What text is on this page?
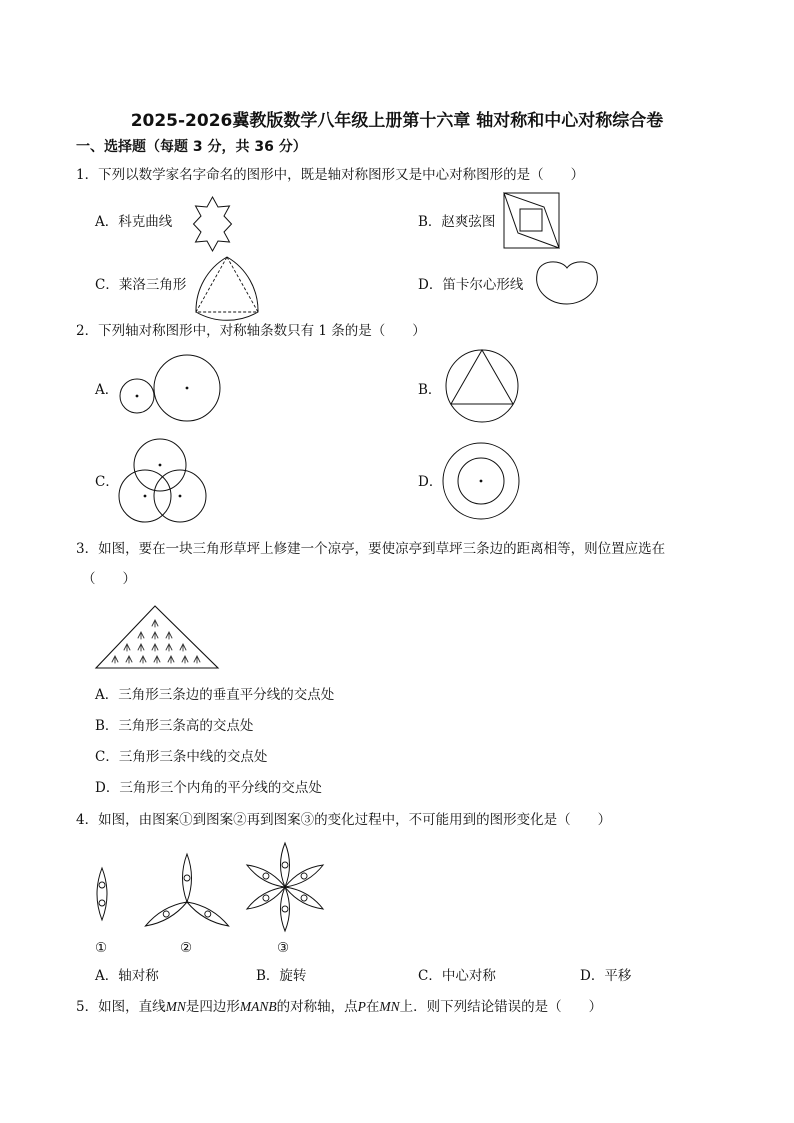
2025-2026冀教版数学八年级上册第十六章 轴对称和中心对称综合卷
一、选择题（每题 3 分，共 36 分）
1．下列以数学家名字命名的图形中，既是轴对称图形又是中心对称图形的是（　　）
A．科克曲线	B．赵爽弦图
C．莱洛三角形	D．笛卡尔心形线
2．下列轴对称图形中，对称轴条数只有 1 条的是（　　）
A．	B．
C．	D．
3．如图，要在一块三角形草坪上修建一个凉亭，要使凉亭到草坪三条边的距离相等，则位置应选在
（　　）
A．三角形三条边的垂直平分线的交点处
B．三角形三条高的交点处
C．三角形三条中线的交点处
D．三角形三个内角的平分线的交点处
4．如图，由图案①到图案②再到图案③的变化过程中，不可能用到的图形变化是（　　）
①	②	③
A．轴对称	B．旋转	C．中心对称	D．平移
5．如图，直线MN是四边形MANB的对称轴，点P在MN上．则下列结论错误的是（　　）
